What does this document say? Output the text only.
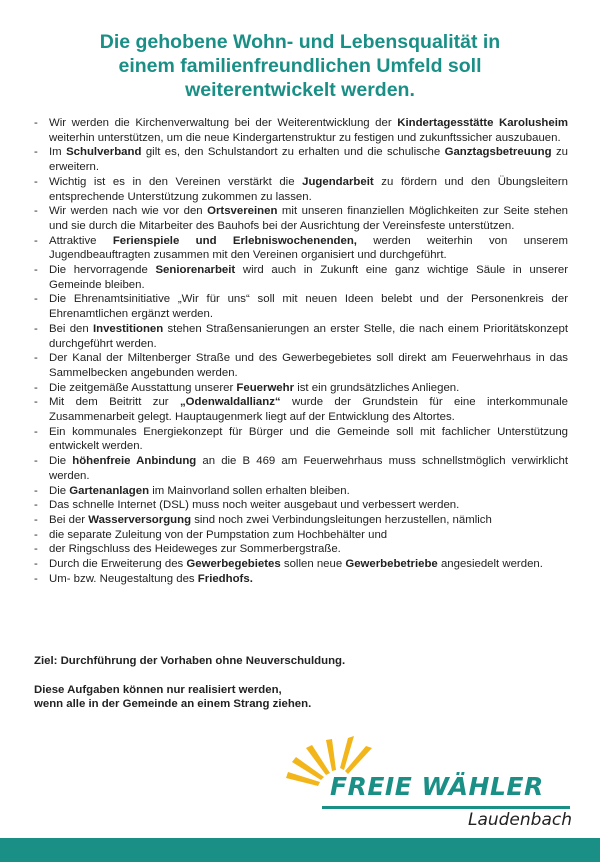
Die gehobene Wohn- und Lebensqualität in
einem familienfreundlichen Umfeld soll
weiterentwickelt werden.
- Wir werden die Kirchenverwaltung bei der Weiterentwicklung der Kindertagesstätte Karolusheim weiterhin unterstützen, um die neue Kindergartenstruktur zu festigen und zukunftssicher auszubauen.
- Im Schulverband gilt es, den Schulstandort zu erhalten und die schulische Ganztagsbetreuung zu erweitern.
- Wichtig ist es in den Vereinen verstärkt die Jugendarbeit zu fördern und den Übungsleitern entsprechende Unterstützung zukommen zu lassen.
- Wir werden nach wie vor den Ortsvereinen mit unseren finanziellen Möglichkeiten zur Seite stehen und sie durch die Mitarbeiter des Bauhofs bei der Ausrichtung der Vereinsfeste unterstützen.
- Attraktive Ferienspiele und Erlebniswochenenden, werden weiterhin von unserem Jugendbeauftragten zusammen mit den Vereinen organisiert und durchgeführt.
- Die hervorragende Seniorenarbeit wird auch in Zukunft eine ganz wichtige Säule in unserer Gemeinde bleiben.
- Die Ehrenamtsinitiative „Wir für uns“ soll mit neuen Ideen belebt und der Personenkreis der Ehrenamtlichen ergänzt werden.
- Bei den Investitionen stehen Straßensanierungen an erster Stelle, die nach einem Prioritätskonzept durchgeführt werden.
- Der Kanal der Miltenberger Straße und des Gewerbegebietes soll direkt am Feuerwehrhaus in das Sammelbecken angebunden werden.
- Die zeitgemäße Ausstattung unserer Feuerwehr ist ein grundsätzliches Anliegen.
- Mit dem Beitritt zur „Odenwaldallianz“ wurde der Grundstein für eine interkommunale Zusammenarbeit gelegt. Hauptaugenmerk liegt auf der Entwicklung des Altortes.
- Ein kommunales Energiekonzept für Bürger und die Gemeinde soll mit fachlicher Unterstützung entwickelt werden.
- Die höhenfreie Anbindung an die B 469 am Feuerwehrhaus muss schnellstmöglich verwirklicht werden.
- Die Gartenanlagen im Mainvorland sollen erhalten bleiben.
- Das schnelle Internet (DSL) muss noch weiter ausgebaut und verbessert werden.
- Bei der Wasserversorgung sind noch zwei Verbindungsleitungen herzustellen, nämlich
- die separate Zuleitung von der Pumpstation zum Hochbehälter und
- der Ringschluss des Heideweges zur Sommerbergstraße.
- Durch die Erweiterung des Gewerbegebietes sollen neue Gewerbebetriebe angesiedelt werden.
- Um- bzw. Neugestaltung des Friedhofs.

Ziel: Durchführung der Vorhaben ohne Neuverschuldung.

Diese Aufgaben können nur realisiert werden,
wenn alle in der Gemeinde an einem Strang ziehen.

FREIE WÄHLER
Laudenbach
